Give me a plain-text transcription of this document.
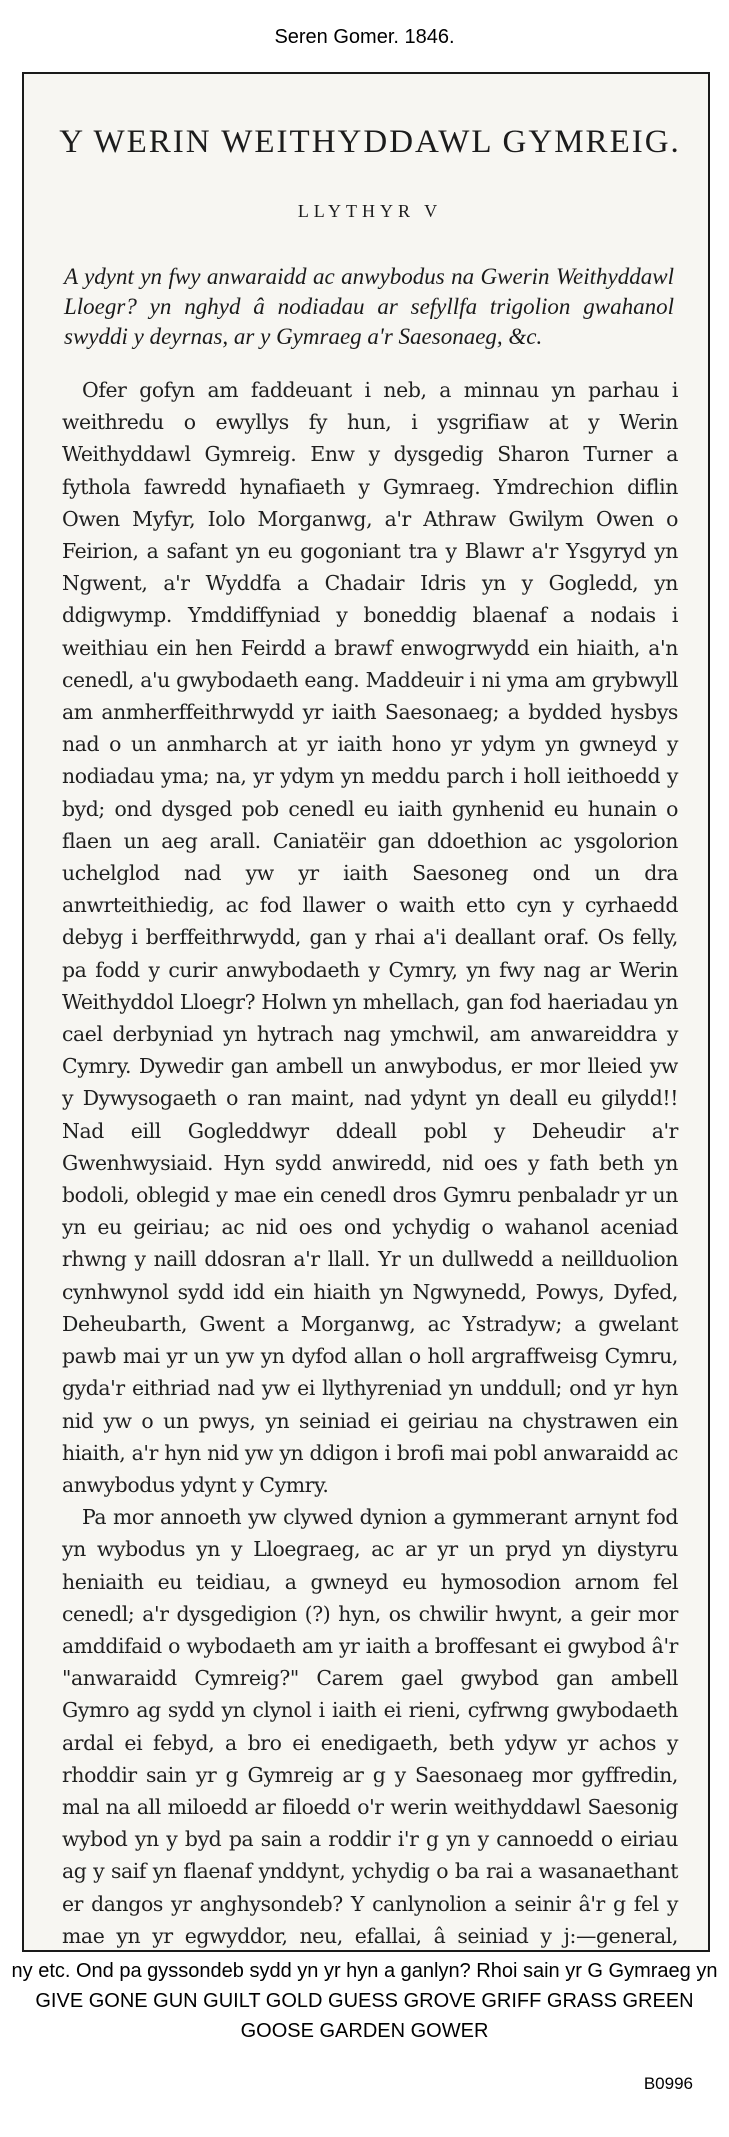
Seren Gomer. 1846.
Y WERIN WEITHYDDAWL GYMREIG.
LLYTHYR V
A ydynt yn fwy anwaraidd ac anwybodus na Gwerin Weithyddawl Lloegr? yn nghyd â nodiadau ar sefyllfa trigolion gwahanol swyddi y deyrnas, ar y Gymraeg a'r Saesonaeg, &c.

Ofer gofyn am faddeuant i neb, a minnau yn parhau i weithredu o ewyllys fy hun, i ysgrifiaw at y Werin Weithyddawl Gymreig. Enw y dysgedig Sharon Turner a fythola fawredd hynafiaeth y Gymraeg. Ymdrechion diflin Owen Myfyr, Iolo Morganwg, a'r Athraw Gwilym Owen o Feirion, a safant yn eu gogoniant tra y Blawr a'r Ysgyryd yn Ngwent, a'r Wyddfa a Chadair Idris yn y Gogledd, yn ddigwymp. Ymddiffyniad y boneddig blaenaf a nodais i weithiau ein hen Feirdd a brawf enwogrwydd ein hiaith, a'n cenedl, a'u gwybodaeth eang. Maddeuir i ni yma am grybwyll am anmherffeithrwydd yr iaith Saesonaeg; a bydded hysbys nad o un anmharch at yr iaith hono yr ydym yn gwneyd y nodiadau yma; na, yr ydym yn meddu parch i holl ieithoedd y byd; ond dysged pob cenedl eu iaith gynhenid eu hunain o flaen un aeg arall. Caniatëir gan ddoethion ac ysgolorion uchelglod nad yw yr iaith Saesoneg ond un dra anwrteithiedig, ac fod llawer o waith etto cyn y cyrhaedd debyg i berffeithrwydd, gan y rhai a'i deallant oraf. Os felly, pa fodd y curir anwybodaeth y Cymry, yn fwy nag ar Werin Weithyddol Lloegr? Holwn yn mhellach, gan fod haeriadau yn cael derbyniad yn hytrach nag ymchwil, am anwareiddra y Cymry. Dywedir gan ambell un anwybodus, er mor lleied yw y Dywysogaeth o ran maint, nad ydynt yn deall eu gilydd!! Nad eill Gogleddwyr ddeall pobl y Deheudir a'r Gwenhwysiaid. Hyn sydd anwiredd, nid oes y fath beth yn bodoli, oblegid y mae ein cenedl dros Gymru penbaladr yr un yn eu geiriau; ac nid oes ond ychydig o wahanol aceniad rhwng y naill ddosran a'r llall. Yr un dullwedd a neillduolion cynhwynol sydd idd ein hiaith yn Ngwynedd, Powys, Dyfed, Deheubarth, Gwent a Morganwg, ac Ystradyw; a gwelant pawb mai yr un yw yn dyfod allan o holl argraffweisg Cymru, gyda'r eithriad nad yw ei llythyreniad yn unddull; ond yr hyn nid yw o un pwys, yn seiniad ei geiriau na chystrawen ein hiaith, a'r hyn nid yw yn ddigon i brofi mai pobl anwaraidd ac anwybodus ydynt y Cymry.

Pa mor annoeth yw clywed dynion a gymmerant arnynt fod yn wybodus yn y Lloegraeg, ac ar yr un pryd yn diystyru heniaith eu teidiau, a gwneyd eu hymosodion arnom fel cenedl; a'r dysgedigion (?) hyn, os chwilir hwynt, a geir mor amddifaid o wybodaeth am yr iaith a broffesant ei gwybod â'r "anwaraidd Cymreig?" Carem gael gwybod gan ambell Gymro ag sydd yn clynol i iaith ei rieni, cyfrwng gwybodaeth ardal ei febyd, a bro ei enedigaeth, beth ydyw yr achos y rhoddir sain yr g Gymreig ar g y Saesonaeg mor gyffredin, mal na all miloedd ar filoedd o'r werin weithyddawl Saesonig wybod yn y byd pa sain a roddir i'r g yn y cannoedd o eiriau ag y saif yn flaenaf ynddynt, ychydig o ba rai a wasanaethant er dangos yr anghysondeb? Y canlynolion a seinir â'r g fel y mae yn yr egwyddor, neu, efallai, â seiniad y j:—general,

ny etc. Ond pa gyssondeb sydd yn yr hyn a ganlyn? Rhoi sain yr G Gymraeg yn GIVE GONE GUN GUILT GOLD GUESS GROVE GRIFF GRASS GREEN GOOSE GARDEN GOWER
B0996
